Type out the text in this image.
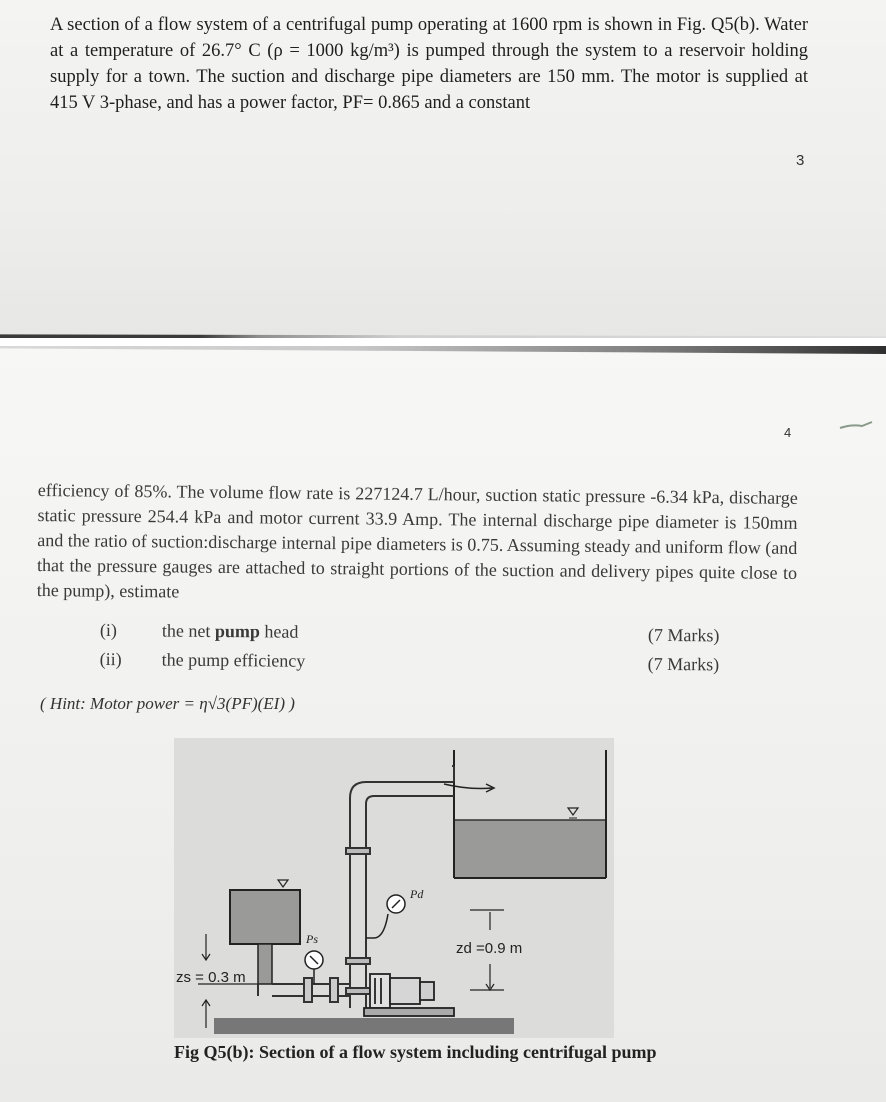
A section of a flow system of a centrifugal pump operating at 1600 rpm is shown in Fig. Q5(b). Water at a temperature of 26.7° C (ρ = 1000 kg/m³) is pumped through the system to a reservoir holding supply for a town. The suction and discharge pipe diameters are 150 mm. The motor is supplied at 415 V 3-phase, and has a power factor, PF= 0.865 and a constant
3
4
efficiency of 85%. The volume flow rate is 227124.7 L/hour, suction static pressure -6.34 kPa, discharge static pressure 254.4 kPa and motor current 33.9 Amp. The internal discharge pipe diameter is 150mm and the ratio of suction:discharge internal pipe diameters is 0.75. Assuming steady and uniform flow (and that the pressure gauges are attached to straight portions of the suction and delivery pipes quite close to the pump), estimate
(i) the net pump head	(7 Marks)
(ii) the pump efficiency	(7 Marks)
( Hint: Motor power = η√3(PF)(EI) )
Pd
Ps
zd =0.9 m
zs = 0.3 m
Fig Q5(b): Section of a flow system including centrifugal pump
